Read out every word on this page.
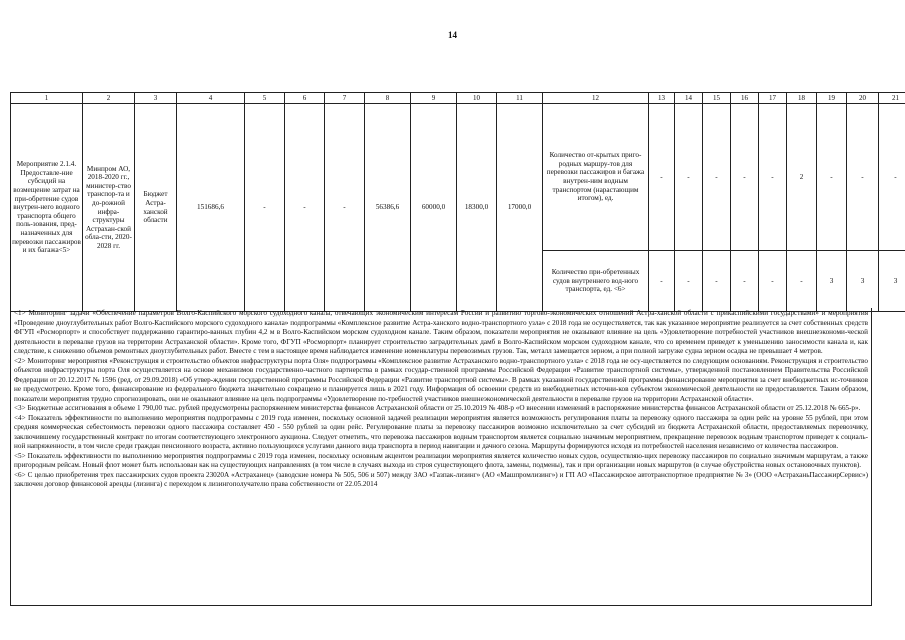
14
1	2	3	4	5	6	7	8	9	10	11	12	13	14	15	16	17	18	19	20	21
Мероприятие 2.1.4. Предоставле-ние субсидий на возмещение затрат на при-обретение судов внутрен-него водного транспорта общего поль-зования, пред-назначенных для перевозки пассажиров и их багажа<5>	Минпром АО, 2018-2020 гг., министер-ство транспор-та и до-рожной инфра-структуры Астрахан-ской обла-сти, 2020-2028 гг.	Бюджет Астра-ханской области	151686,6	-	-	-	56386,6	60000,0	18300,0	17000,0	Количество от-крытых приго-родных маршру-тов для перевозки пассажиров и багажа внутрен-ним водным транспортом (нарастающим итогом), ед.	-	-	-	-	-	2	-	-	-
											Количество при-обретенных судов внутреннего вод-ного транспорта, ед. <6>	-	-	-	-	-	-	3	3	3

<1> Мониторинг задачи «Обеспечение параметров Волго-Каспийского морского судоходного канала, отвечающих экономическим интересам России и развитию торгово-экономических отношений Астра-ханской области с прикаспийскими государствами» и мероприятия «Проведение дноуглубительных работ Волго-Каспийского морского судоходного канала» подпрограммы «Комплексное развитие Астра-ханского водно-транспортного узла» с 2018 года не осуществляется, так как указанное мероприятие реализуется за счет собственных средств ФГУП «Росморпорт» и способствует поддержанию гарантиро-ванных глубин 4,2 м в Волго-Каспийском морском судоходном канале. Таким образом, показатели мероприятия не оказывают влияние на цель «Удовлетворение потребностей участников внешнеэкономи-ческой деятельности в перевалке грузов на территории Астраханской области». Кроме того, ФГУП «Росморпорт» планирует строительство заградительных дамб в Волго-Каспийском морском судоходном канале, что со временем приведет к уменьшению заносимости канала и, как следствие, к снижению объемов ремонтных дноуглубительных работ. Вместе с тем в настоящее время наблюдается изменение номенклатуры перевозимых грузов. Так, металл замещается зерном, а при полной загрузке судна зерном осадка не превышает 4 метров.

<2> Мониторинг мероприятия «Реконструкция и строительство объектов инфраструктуры порта Оля» подпрограммы «Комплексное развитие Астраханского водно-транспортного узла» с 2018 года не осу-ществляется по следующим основаниям. Реконструкция и строительство объектов инфраструктуры порта Оля осуществляется на основе механизмов государственно-частного партнерства в рамках государ-ственной программы Российской Федерации «Развитие транспортной системы», утвержденной постановлением Правительства Российской Федерации от 20.12.2017 № 1596 (ред. от 29.09.2018) «Об утвер-ждении государственной программы Российской Федерации «Развитие транспортной системы». В рамках указанной государственной программы финансирование мероприятия за счет внебюджетных ис-точников не предусмотрено. Кроме того, финансирование из федерального бюджета значительно сокращено и планируется лишь в 2021 году. Информация об освоении средств из внебюджетных источни-ков субъектом экономической деятельности не предоставляется. Таким образом, показатели мероприятия трудно спрогнозировать, они не оказывают влияние на цель подпрограммы «Удовлетворение по-требностей участников внешнеэкономической деятельности в перевалке грузов на территории Астраханской области».

<3> Бюджетные ассигнования в объеме 1 790,00 тыс. рублей предусмотрены распоряжением министерства финансов Астраханской области от 25.10.2019 № 408-р «О внесении изменений в распоряжение министерства финансов Астраханской области от 25.12.2018 № 665-р».

<4> Показатель эффективности по выполнению мероприятия подпрограммы с 2019 года изменен, поскольку основной задачей реализации мероприятия является возможность регулирования платы за перевозку одного пассажира за один рейс на уровне 55 рублей, при этом средняя коммерческая себестоимость перевозки одного пассажира составляет 450 - 550 рублей за один рейс. Регулирование платы за перевозку пассажиров возможно исключительно за счет субсидий из бюджета Астраханской области, предоставляемых перевозчику, заключившему государственный контракт по итогам соответствующего электронного аукциона. Следует отметить, что перевозка пассажиров водным транспортом является социально значимым мероприятием, прекращение перевозок водным транспортом приведет к социаль-ной напряженности, в том числе среди граждан пенсионного возраста, активно пользующихся услугами данного вида транспорта в период навигации и дачного сезона. Маршруты формируются исходя из потребностей населения независимо от количества пассажиров.

<5> Показатель эффективности по выполнению мероприятия подпрограммы с 2019 года изменен, поскольку основным акцентом реализации мероприятия является количество новых судов, осуществляю-щих перевозку пассажиров по социально значимым маршрутам, а также пригородным рейсам. Новый флот может быть использован как на существующих направлениях (в том числе в случаях выхода из строя существующего флота, замены, подмены), так и при организации новых маршрутов (в случае обустройства новых остановочных пунктов).

<6> С целью приобретения трех пассажирских судов проекта 23020А «Астраханец» (заводские номера № 505, 506 и 507) между ЗАО «Газпак-лизинг» (АО «Машпромлизинг») и ГП АО «Пассажирское автотранспортное предприятие № 3» (ООО «АстраханьПассажирСервис») заключен договор финансовой аренды (лизинга) с переходом к лизингополучателю права собственности от 22.05.2014
